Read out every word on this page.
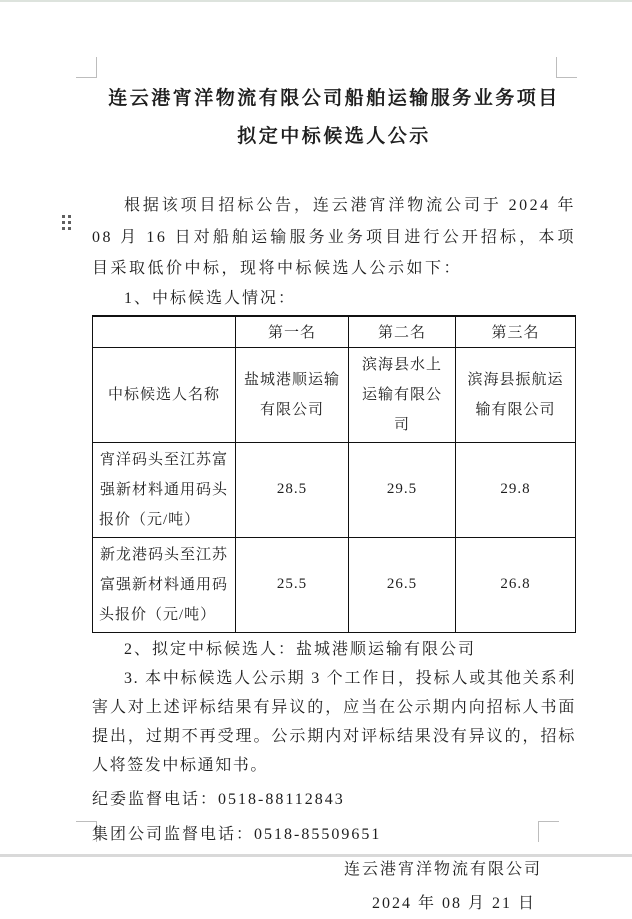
连云港宵洋物流有限公司船舶运输服务业务项目
拟定中标候选人公示

根据该项目招标公告，连云港宵洋物流公司于 2024 年 08 月 16 日对船舶运输服务业务项目进行公开招标，本项目采取低价中标，现将中标候选人公示如下：

1、中标候选人情况：

	第一名	第二名	第三名
中标候选人名称	盐城港顺运输有限公司	滨海县水上运输有限公司	滨海县振航运输有限公司
宵洋码头至江苏富强新材料通用码头报价（元/吨）	28.5	29.5	29.8
新龙港码头至江苏富强新材料通用码头报价（元/吨）	25.5	26.5	26.8

2、拟定中标候选人：盐城港顺运输有限公司

3. 本中标候选人公示期 3 个工作日，投标人或其他关系利害人对上述评标结果有异议的，应当在公示期内向招标人书面提出，过期不再受理。公示期内对评标结果没有异议的，招标人将签发中标通知书。

纪委监督电话：0518-88112843
集团公司监督电话：0518-85509651
连云港宵洋物流有限公司
2024 年 08 月 21 日
